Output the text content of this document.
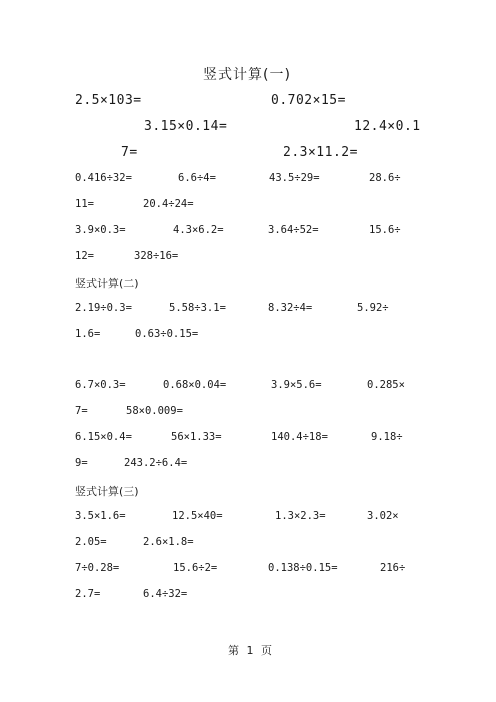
竖式计算(一)
2.5×103=	0.702×15=
3.15×0.14=	12.4×0.1
7=	2.3×11.2=
0.416÷32=	6.6÷4=	43.5÷29=	28.6÷
11=	20.4÷24=
3.9×0.3=	4.3×6.2=	3.64÷52=	15.6÷
12=	328÷16=
竖式计算(二)
2.19÷0.3=	5.58÷3.1=	8.32÷4=	5.92÷
1.6=	0.63÷0.15=
6.7×0.3=	0.68×0.04=	3.9×5.6=	0.285×
7=	58×0.009=
6.15×0.4=	56×1.33=	140.4÷18=	9.18÷
9=	243.2÷6.4=
竖式计算(三)
3.5×1.6=	12.5×40=	1.3×2.3=	3.02×
2.05=	2.6×1.8=
7÷0.28=	15.6÷2=	0.138÷0.15=	216÷
2.7=	6.4÷32=
第 1 页
